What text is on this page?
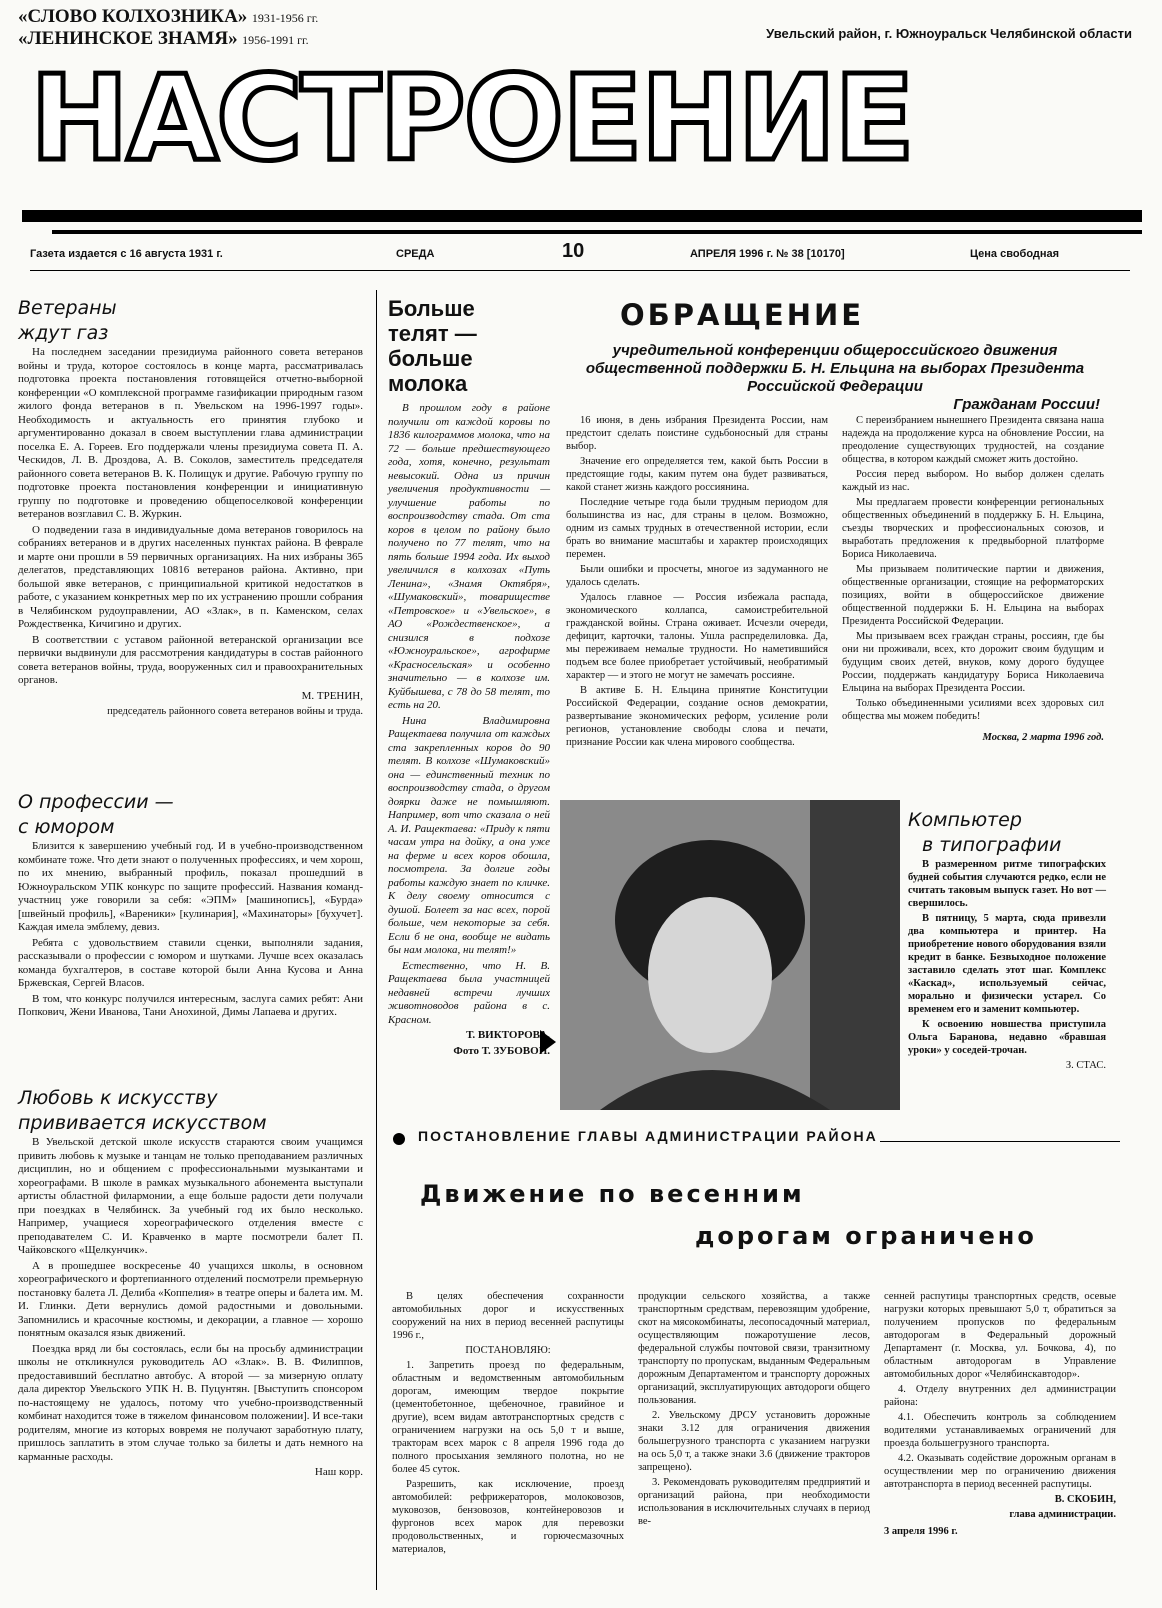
«СЛОВО КОЛХОЗНИКА» 1931-1956 гг.
«ЛЕНИНСКОЕ ЗНАМЯ» 1956-1991 гг.	Увельский район, г. Южноуральск Челябинской области
НАСТРОЕНИЕ
Газета издается с 16 августа 1931 г.	СРЕДА	10	АПРЕЛЯ 1996 г. № 38 [10170]	Цена свободная
Ветераны
ждут газ

На последнем заседании президиума районного совета ветеранов войны и труда, которое состоялось в конце марта, рассматривалась подготовка проекта постановления готовящейся отчетно-выборной конференции «О комплексной программе газификации природным газом жилого фонда ветеранов в п. Увельском на 1996-1997 годы». Необходимость и актуальность его принятия глубоко и аргументированно доказал в своем выступлении глава администрации поселка Е. А. Гореев. Его поддержали члены президиума совета П. А. Ческидов, Л. В. Дроздова, А. В. Соколов, заместитель председателя районного совета ветеранов В. К. Полищук и другие. Рабочую группу по подготовке проекта постановления конференции и инициативную группу по подготовке и проведению общепоселковой конференции ветеранов возглавил С. В. Журкин.

О подведении газа в индивидуальные дома ветеранов говорилось на собраниях ветеранов и в других населенных пунктах района. В феврале и марте они прошли в 59 первичных организациях. На них избраны 365 делегатов, представляющих 10816 ветеранов района. Активно, при большой явке ветеранов, с принципиальной критикой недостатков в работе, с указанием конкретных мер по их устранению прошли собрания в Челябинском рудоуправлении, АО «Злак», в п. Каменском, селах Рождественка, Кичигино и других.

В соответствии с уставом районной ветеранской организации все первички выдвинули для рассмотрения кандидатуры в состав районного совета ветеранов войны, труда, вооруженных сил и правоохранительных органов.

М. ТРЕНИН,
председатель районного совета ветеранов войны и труда.
О профессии —
с юмором

Близится к завершению учебный год. И в учебно-производственном комбинате тоже. Что дети знают о полученных профессиях, и чем хорош, по их мнению, выбранный профиль, показал прошедший в Южноуральском УПК конкурс по защите профессий. Названия команд-участниц уже говорили за себя: «ЭПМ» [машинопись], «Бурда» [швейный профиль], «Вареники» [кулинария], «Махинаторы» [бухучет]. Каждая имела эмблему, девиз.

Ребята с удовольствием ставили сценки, выполняли задания, рассказывали о профессии с юмором и шутками. Лучше всех оказалась команда бухгалтеров, в составе которой были Анна Кусова и Анна Бржевская, Сергей Власов.

В том, что конкурс получился интересным, заслуга самих ребят: Ани Попкович, Жени Иванова, Тани Анохиной, Димы Лапаева и других.

Любовь к искусству
прививается искусством

В Увельской детской школе искусств стараются своим учащимся привить любовь к музыке и танцам не только преподаванием различных дисциплин, но и общением с профессиональными музыкантами и хореографами. В школе в рамках музыкального абонемента выступали артисты областной филармонии, а еще больше радости дети получали при поездках в Челябинск. За учебный год их было несколько. Например, учащиеся хореографического отделения вместе с преподавателем С. И. Кравченко в марте посмотрели балет П. Чайковского «Щелкунчик».

А в прошедшее воскресенье 40 учащихся школы, в основном хореографического и фортепианного отделений посмотрели премьерную постановку балета Л. Делиба «Коппелия» в театре оперы и балета им. М. И. Глинки. Дети вернулись домой радостными и довольными. Запомнились и красочные костюмы, и декорации, а главное — хорошо понятным оказался язык движений.

Поездка вряд ли бы состоялась, если бы на просьбу администрации школы не откликнулся руководитель АО «Злак». В. В. Филиппов, предоставивший бесплатно автобус. А второй — за мизерную оплату дала директор Увельского УПК Н. В. Пуцунтян. [Выступить спонсором по-настоящему не удалось, потому что учебно-производственный комбинат находится тоже в тяжелом финансовом положении]. И все-таки родителям, многие из которых вовремя не получают заработную плату, пришлось заплатить в этом случае только за билеты и дать немного на карманные расходы.

Наш корр.
Больше
телят —
больше
молока

В прошлом году в районе получили от каждой коровы по 1836 килограммов молока, что на 72 — больше предшествующего года, хотя, конечно, результат невысокий. Одна из причин увеличения продуктивности — улучшение работы по воспроизводству стада. От ста коров в целом по району было получено по 77 телят, что на пять больше 1994 года. Их выход увеличился в колхозах «Путь Ленина», «Знамя Октября», «Шумаковский», товариществе «Петровское» и «Увельское», в АО «Рождественское», а снизился в подхозе «Южноуральское», агрофирме «Красносельская» и особенно значительно — в колхозе им. Куйбышева, с 78 до 58 телят, то есть на 20.

Нина Владимировна Ращектаева получила от каждых ста закрепленных коров до 90 телят. В колхозе «Шумаковский» она — единственный техник по воспроизводству стада, о другом доярки даже не помышляют. Например, вот что сказала о ней А. И. Ращектаева: «Приду к пяти часам утра на дойку, а она уже на ферме и всех коров обошла, посмотрела. За долгие годы работы каждую знает по кличке. К делу своему относится с душой. Болеет за нас всех, порой больше, чем некоторые за себя. Если б не она, вообще не видать бы нам молока, ни телят!»

Естественно, что Н. В. Ращектаева была участницей недавней встречи лучших животноводов района в с. Красном.

Т. ВИКТОРОВА.
Фото Т. ЗУБОВОЙ.
ОБРАЩЕНИЕ
учредительной конференции общероссийского движения общественной поддержки Б. Н. Ельцина на выборах Президента Российской Федерации
Гражданам России!

16 июня, в день избрания Президента России, нам предстоит сделать поистине судьбоносный для страны выбор.

Значение его определяется тем, какой быть России в предстоящие годы, каким путем она будет развиваться, какой станет жизнь каждого россиянина.

Последние четыре года были трудным периодом для большинства из нас, для страны в целом. Возможно, одним из самых трудных в отечественной истории, если брать во внимание масштабы и характер происходящих перемен.

Были ошибки и просчеты, многое из задуманного не удалось сделать.

Удалось главное — Россия избежала распада, экономического коллапса, самоистребительной гражданской войны. Страна оживает. Исчезли очереди, дефицит, карточки, талоны. Ушла распределиловка. Да, мы переживаем немалые трудности. Но наметившийся подъем все более приобретает устойчивый, необратимый характер — и этого не могут не замечать россияне.

В активе Б. Н. Ельцина принятие Конституции Российской Федерации, создание основ демократии, развертывание экономических реформ, усиление роли регионов, установление свободы слова и печати, признание России как члена мирового сообщества.

С переизбранием нынешнего Президента связана наша надежда на продолжение курса на обновление России, на преодоление существующих трудностей, на создание общества, в котором каждый сможет жить достойно.

Россия перед выбором. Но выбор должен сделать каждый из нас.

Мы предлагаем провести конференции региональных общественных объединений в поддержку Б. Н. Ельцина, съезды творческих и профессиональных союзов, и выработать предложения к предвыборной платформе Бориса Николаевича.

Мы призываем политические партии и движения, общественные организации, стоящие на реформаторских позициях, войти в общероссийское движение общественной поддержки Б. Н. Ельцина на выборах Президента Российской Федерации.

Мы призываем всех граждан страны, россиян, где бы они ни проживали, всех, кто дорожит своим будущим и будущим своих детей, внуков, кому дорого будущее России, поддержать кандидатуру Бориса Николаевича Ельцина на выборах Президента России.

Только объединенными усилиями всех здоровых сил общества мы можем победить!

Москва, 2 марта 1996 год.
Компьютер
в типографии

В размеренном ритме типографских будней события случаются редко, если не считать таковым выпуск газет. Но вот — свершилось.

В пятницу, 5 марта, сюда привезли два компьютера и принтер. На приобретение нового оборудования взяли кредит в банке. Безвыходное положение заставило сделать этот шаг. Комплекс «Каскад», используемый сейчас, морально и физически устарел. Со временем его и заменит компьютер.

К освоению новшества приступила Ольга Баранова, недавно «бравшая уроки» у соседей-трочан.

З. СТАС.
ПОСТАНОВЛЕНИЕ ГЛАВЫ АДМИНИСТРАЦИИ РАЙОНА
Движение по весенним
дорогам ограничено

В целях обеспечения сохранности автомобильных дорог и искусственных сооружений на них в период весенней распутицы 1996 г.,

ПОСТАНОВЛЯЮ:

1. Запретить проезд по федеральным, областным и ведомственным автомобильным дорогам, имеющим твердое покрытие (цементобетонное, щебеночное, гравийное и другие), всем видам автотранспортных средств с ограничением нагрузки на ось 5,0 т и выше, тракторам всех марок с 8 апреля 1996 года до полного просыхания земляного полотна, но не более 45 суток.

Разрешить, как исключение, проезд автомобилей: рефрижераторов, молоковозов, муковозов, бензовозов, контейнеровозов и фургонов всех марок для перевозки продовольственных, и горючесмазочных материалов,

продукции сельского хозяйства, а также транспортным средствам, перевозящим удобрение, скот на мясокомбинаты, лесопосадочный материал, осуществляющим пожаротушение лесов, федеральной службы почтовой связи, транзитному транспорту по пропускам, выданным Федеральным дорожным Департаментом и транспорту дорожных организаций, эксплуатирующих автодороги общего пользования.

2. Увельскому ДРСУ установить дорожные знаки 3.12 для ограничения движения большегрузного транспорта с указанием нагрузки на ось 5,0 т, а также знаки 3.6 (движение тракторов запрещено).

3. Рекомендовать руководителям предприятий и организаций района, при необходимости использования в исключительных случаях в период ве-

сенней распутицы транспортных средств, осевые нагрузки которых превышают 5,0 т, обратиться за получением пропусков по федеральным автодорогам в Федеральный дорожный Департамент (г. Москва, ул. Бочкова, 4), по областным автодорогам в Управление автомобильных дорог «Челябинскавтодор».

4. Отделу внутренних дел администрации района:

4.1. Обеспечить контроль за соблюдением водителями устанавливаемых ограничений для проезда большегрузного транспорта.

4.2. Оказывать содействие дорожным органам в осуществлении мер по ограничению движения автотранспорта в период весенней распутицы.

В. СКОБИН,
глава администрации.
3 апреля 1996 г.
